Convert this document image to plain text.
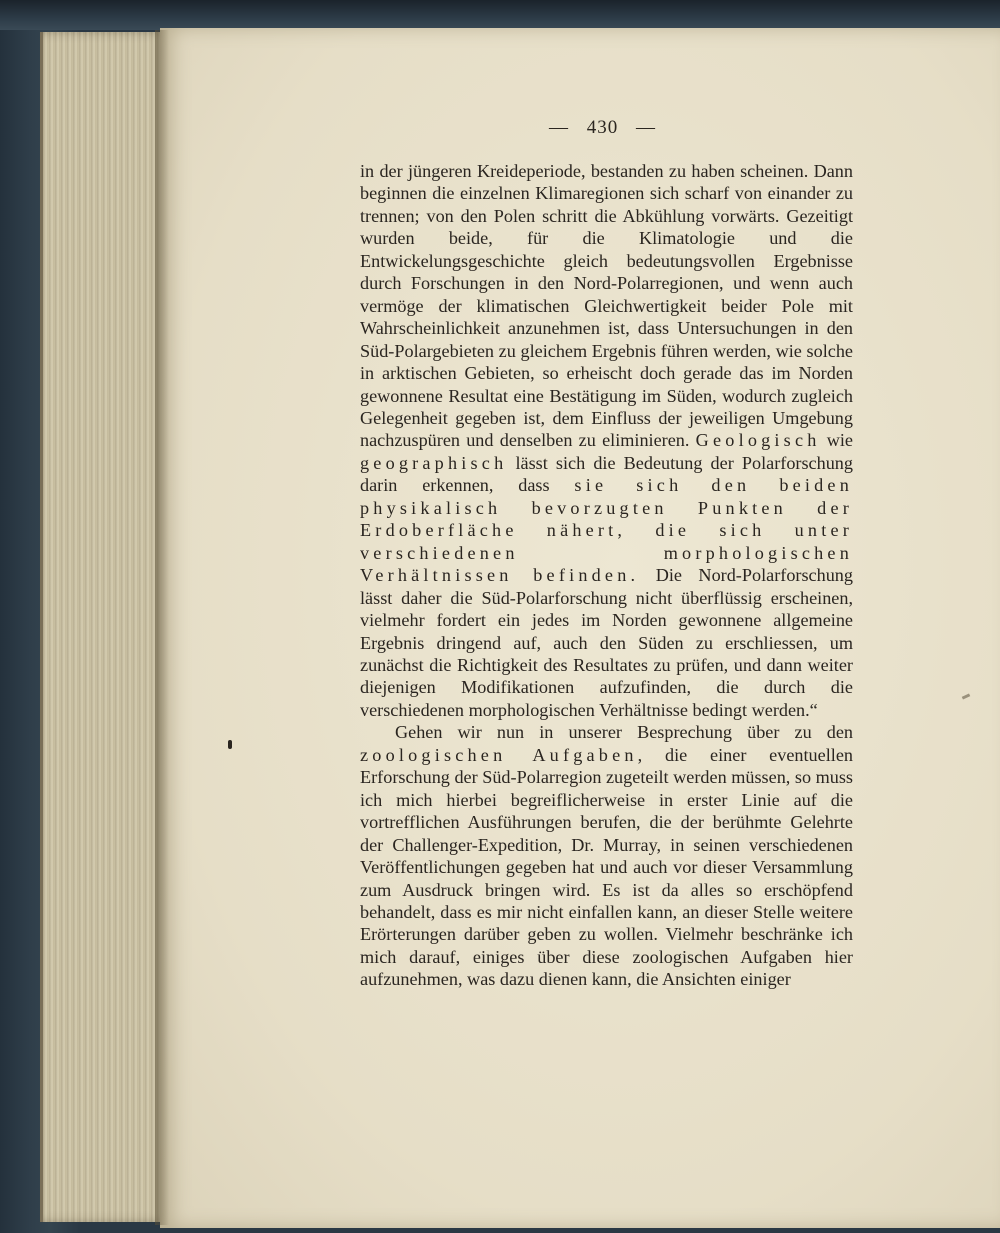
— 430 —

in der jüngeren Kreideperiode, bestanden zu haben scheinen. Dann beginnen die einzelnen Klimaregionen sich scharf von einander zu trennen; von den Polen schritt die Abkühlung vorwärts. Gezeitigt wurden beide, für die Klimatologie und die Entwickelungsgeschichte gleich bedeutungsvollen Ergebnisse durch Forschungen in den Nord-Polarregionen, und wenn auch vermöge der klimatischen Gleichwertigkeit beider Pole mit Wahrscheinlichkeit anzunehmen ist, dass Untersuchungen in den Süd-Polargebieten zu gleichem Ergebnis führen werden, wie solche in arktischen Gebieten, so erheischt doch gerade das im Norden gewonnene Resultat eine Bestätigung im Süden, wodurch zugleich Gelegenheit gegeben ist, dem Einfluss der jeweiligen Umgebung nachzuspüren und denselben zu eliminieren. Geologisch wie geographisch lässt sich die Bedeutung der Polarforschung darin erkennen, dass sie sich den beiden physikalisch bevorzugten Punkten der Erdoberfläche nähert, die sich unter verschiedenen morphologischen Verhältnissen befinden. Die Nord-Polarforschung lässt daher die Süd-Polarforschung nicht überflüssig erscheinen, vielmehr fordert ein jedes im Norden gewonnene allgemeine Ergebnis dringend auf, auch den Süden zu erschliessen, um zunächst die Richtigkeit des Resultates zu prüfen, und dann weiter diejenigen Modifikationen aufzufinden, die durch die verschiedenen morphologischen Verhältnisse bedingt werden.“

Gehen wir nun in unserer Besprechung über zu den zoologischen Aufgaben, die einer eventuellen Erforschung der Süd-Polarregion zugeteilt werden müssen, so muss ich mich hierbei begreiflicherweise in erster Linie auf die vortrefflichen Ausführungen berufen, die der berühmte Gelehrte der Challenger-Expedition, Dr. Murray, in seinen verschiedenen Veröffentlichungen gegeben hat und auch vor dieser Versammlung zum Ausdruck bringen wird. Es ist da alles so erschöpfend behandelt, dass es mir nicht einfallen kann, an dieser Stelle weitere Erörterungen darüber geben zu wollen. Vielmehr beschränke ich mich darauf, einiges über diese zoologischen Aufgaben hier aufzunehmen, was dazu dienen kann, die Ansichten einiger
